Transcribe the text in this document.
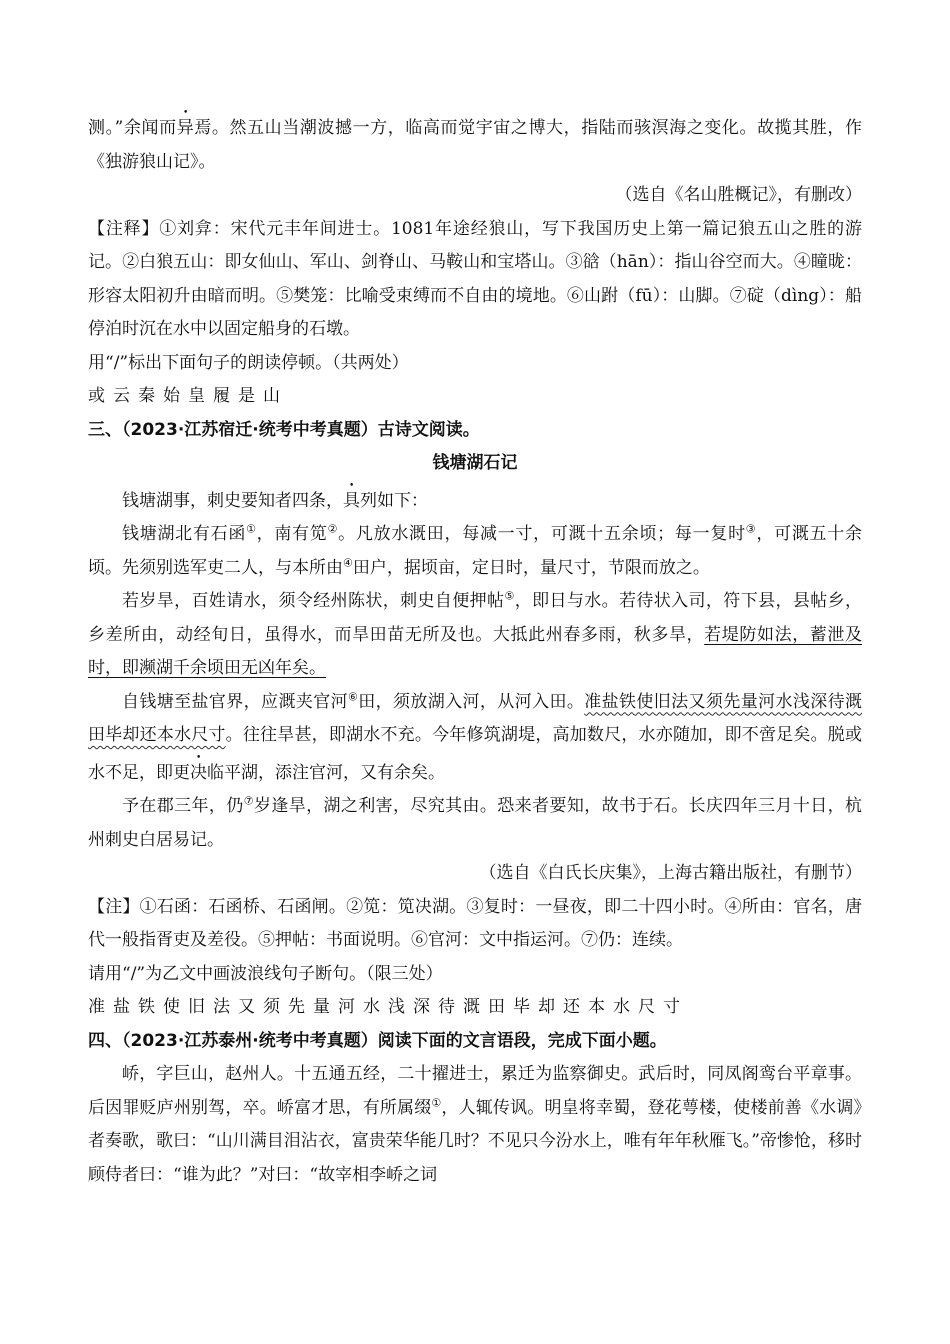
测。”余闻而异焉。然五山当潮波撼一方，临高而觉宇宙之博大，指陆而骇溟海之变化。故揽其胜，作《独游狼山记》。

（选自《名山胜概记》，有删改）

【注释】①刘弇：宋代元丰年间进士。1081年途经狼山，写下我国历史上第一篇记狼五山之胜的游记。②白狼五山：即女仙山、军山、剑脊山、马鞍山和宝塔山。③谽（hān）：指山谷空而大。④瞳昽：形容太阳初升由暗而明。⑤樊笼：比喻受束缚而不自由的境地。⑥山跗（fū）：山脚。⑦碇（dìng）：船停泊时沉在水中以固定船身的石墩。

用“/”标出下面句子的朗读停顿。（共两处）

或云秦始皇履是山

三、（2023·江苏宿迁·统考中考真题）古诗文阅读。

钱塘湖石记

钱塘湖事，刺史要知者四条，具列如下：

钱塘湖北有石函①，南有笕②。凡放水溉田，每减一寸，可溉十五余顷；每一复时③，可溉五十余顷。先须别选军吏二人，与本所由④田户，据顷亩，定日时，量尺寸，节限而放之。

若岁旱，百姓请水，须令经州陈状，刺史自便押帖⑤，即日与水。若待状入司，符下县，县帖乡，乡差所由，动经旬日，虽得水，而旱田苗无所及也。大抵此州春多雨，秋多旱，若堤防如法，蓄泄及时，即濒湖千余顷田无凶年矣。

自钱塘至盐官界，应溉夹官河⑥田，须放湖入河，从河入田。准盐铁使旧法又须先量河水浅深待溉田毕却还本水尺寸。往往旱甚，即湖水不充。今年修筑湖堤，高加数尺，水亦随加，即不啻足矣。脱或水不足，即更决临平湖，添注官河，又有余矣。

予在郡三年，仍⑦岁逢旱，湖之利害，尽究其由。恐来者要知，故书于石。长庆四年三月十日，杭州刺史白居易记。

（选自《白氏长庆集》，上海古籍出版社，有删节）

【注】①石函：石函桥、石函闸。②笕：笕决湖。③复时：一昼夜，即二十四小时。④所由：官名，唐代一般指胥吏及差役。⑤押帖：书面说明。⑥官河：文中指运河。⑦仍：连续。

请用“/”为乙文中画波浪线句子断句。（限三处）

准盐铁使旧法又须先量河水浅深待溉田毕却还本水尺寸

四、（2023·江苏泰州·统考中考真题）阅读下面的文言语段，完成下面小题。

峤，字巨山，赵州人。十五通五经，二十擢进士，累迁为监察御史。武后时，同凤阁鸾台平章事。后因罪贬庐州别驾，卒。峤富才思，有所属缀①，人辄传讽。明皇将幸蜀，登花萼楼，使楼前善《水调》者奏歌，歌曰：“山川满目泪沾衣，富贵荣华能几时？不见只今汾水上，唯有年年秋雁飞。”帝惨怆，移时顾侍者曰：“谁为此？”对曰：“故宰相李峤之词
